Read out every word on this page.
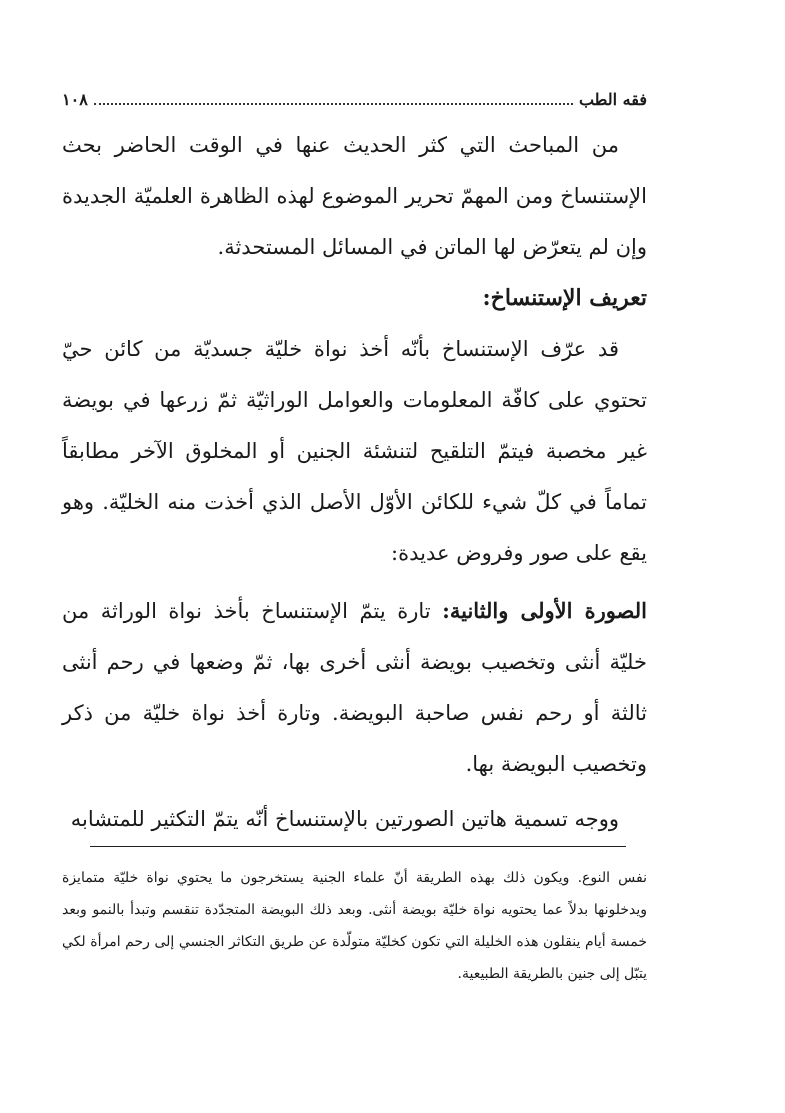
فقه الطب
١٠٨

من المباحث التي كثر الحديث عنها في الوقت الحاضر بحث الإستنساخ ومن المهمّ تحرير الموضوع لهذه الظاهرة العلميّة الجديدة وإن لم يتعرّض لها الماتن في المسائل المستحدثة.

تعريف الإستنساخ:

قد عرّف الإستنساخ بأنّه أخذ نواة خليّة جسديّة من كائن حيّ تحتوي على كافّة المعلومات والعوامل الوراثيّة ثمّ زرعها في بويضة غير مخصبة فيتمّ التلقيح لتنشئة الجنين أو المخلوق الآخر مطابقاً تماماً في كلّ شيء للكائن الأوّل الأصل الذي أخذت منه الخليّة. وهو يقع على صور وفروض عديدة:

الصورة الأولى والثانية: تارة يتمّ الإستنساخ بأخذ نواة الوراثة من خليّة أنثى وتخصيب بويضة أنثى أخرى بها، ثمّ وضعها في رحم أنثى ثالثة أو رحم نفس صاحبة البويضة. وتارة أخذ نواة خليّة من ذكر وتخصيب البويضة بها.

ووجه تسمية هاتين الصورتين بالإستنساخ أنّه يتمّ التكثير للمتشابه

نفس النوع. ويكون ذلك بهذه الطريقة أنّ علماء الجنية يستخرجون ما يحتوي نواة خليّة متمايزة ويدخلونها بدلاً عما يحتويه نواة خليّة بويضة أنثى. وبعد ذلك البويضة المتجدّدة تنقسم وتبدأ بالنمو وبعد خمسة أيام ينقلون هذه الخليلة التي تكون كخليّة متولّدة عن طريق التكاثر الجنسي إلى رحم امرأة لكي يتبّل إلى جنين بالطريقة الطبيعية.
